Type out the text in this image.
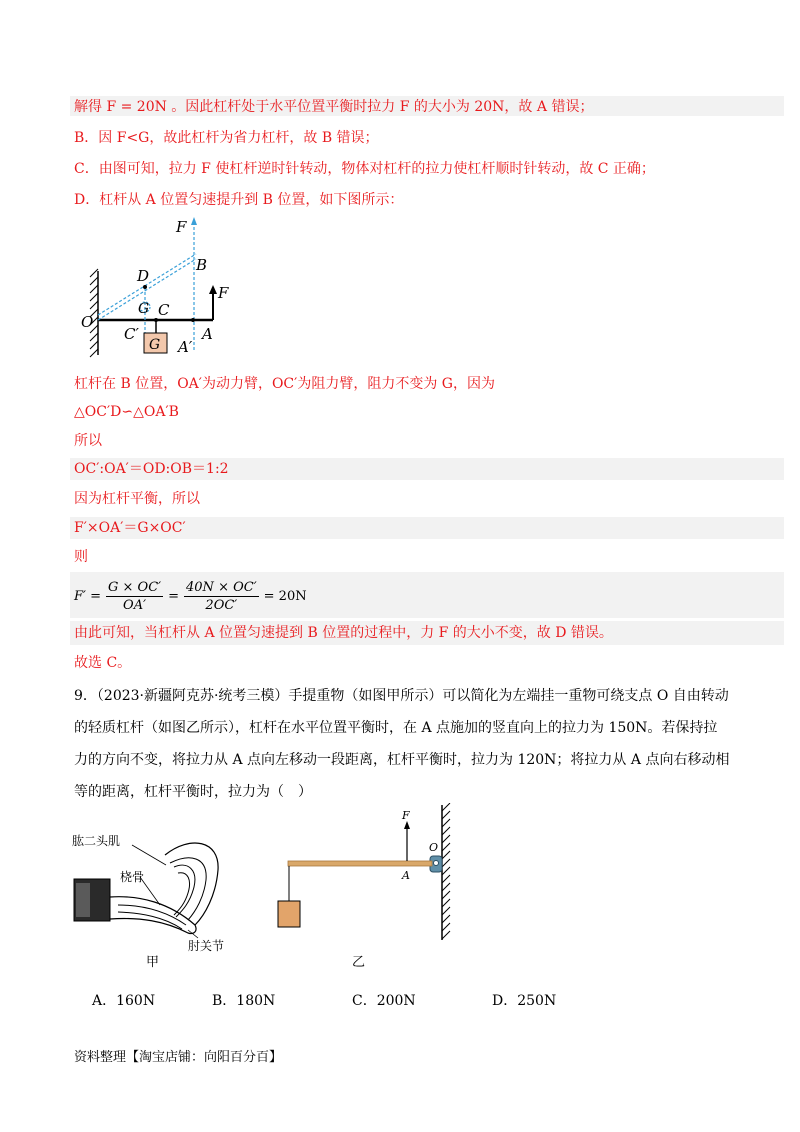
解得 F = 20N 。因此杠杆处于水平位置平衡时拉力 F 的大小为 20N，故 A 错误；
B．因 F<G，故此杠杆为省力杠杆，故 B 错误；
C．由图可知，拉力 F 使杠杆逆时针转动，物体对杠杆的拉力使杠杆顺时针转动，故 C 正确；
D．杠杆从 A 位置匀速提升到 B 位置，如下图所示：
F
B
D
G C
F
O
C′
G A′
A
杠杆在 B 位置，OA′为动力臂，OC′为阻力臂，阻力不变为 G，因为
△OC′D∽△OA′B
所以
OC′:OA′＝OD:OB＝1:2
因为杠杆平衡，所以
F′×OA′＝G×OC′
则
$F' = \frac{G \times OC'}{OA'} = \frac{40N \times OC'}{2OC'} = 20N$
由此可知，当杠杆从 A 位置匀速提到 B 位置的过程中，力 F 的大小不变，故 D 错误。
故选 C。
9．（2023·新疆阿克苏·统考三模）手提重物（如图甲所示）可以简化为左端挂一重物可绕支点 O 自由转动
的轻质杠杆（如图乙所示），杠杆在水平位置平衡时，在 A 点施加的竖直向上的拉力为 150N。若保持拉
力的方向不变，将拉力从 A 点向左移动一段距离，杠杆平衡时，拉力为 120N；将拉力从 A 点向右移动相
等的距离，杠杆平衡时，拉力为（　）
肱二头肌
桡骨
肘关节
F
O
A
甲	乙
A．160N	B．180N	C．200N	D．250N
资料整理【淘宝店铺：向阳百分百】
